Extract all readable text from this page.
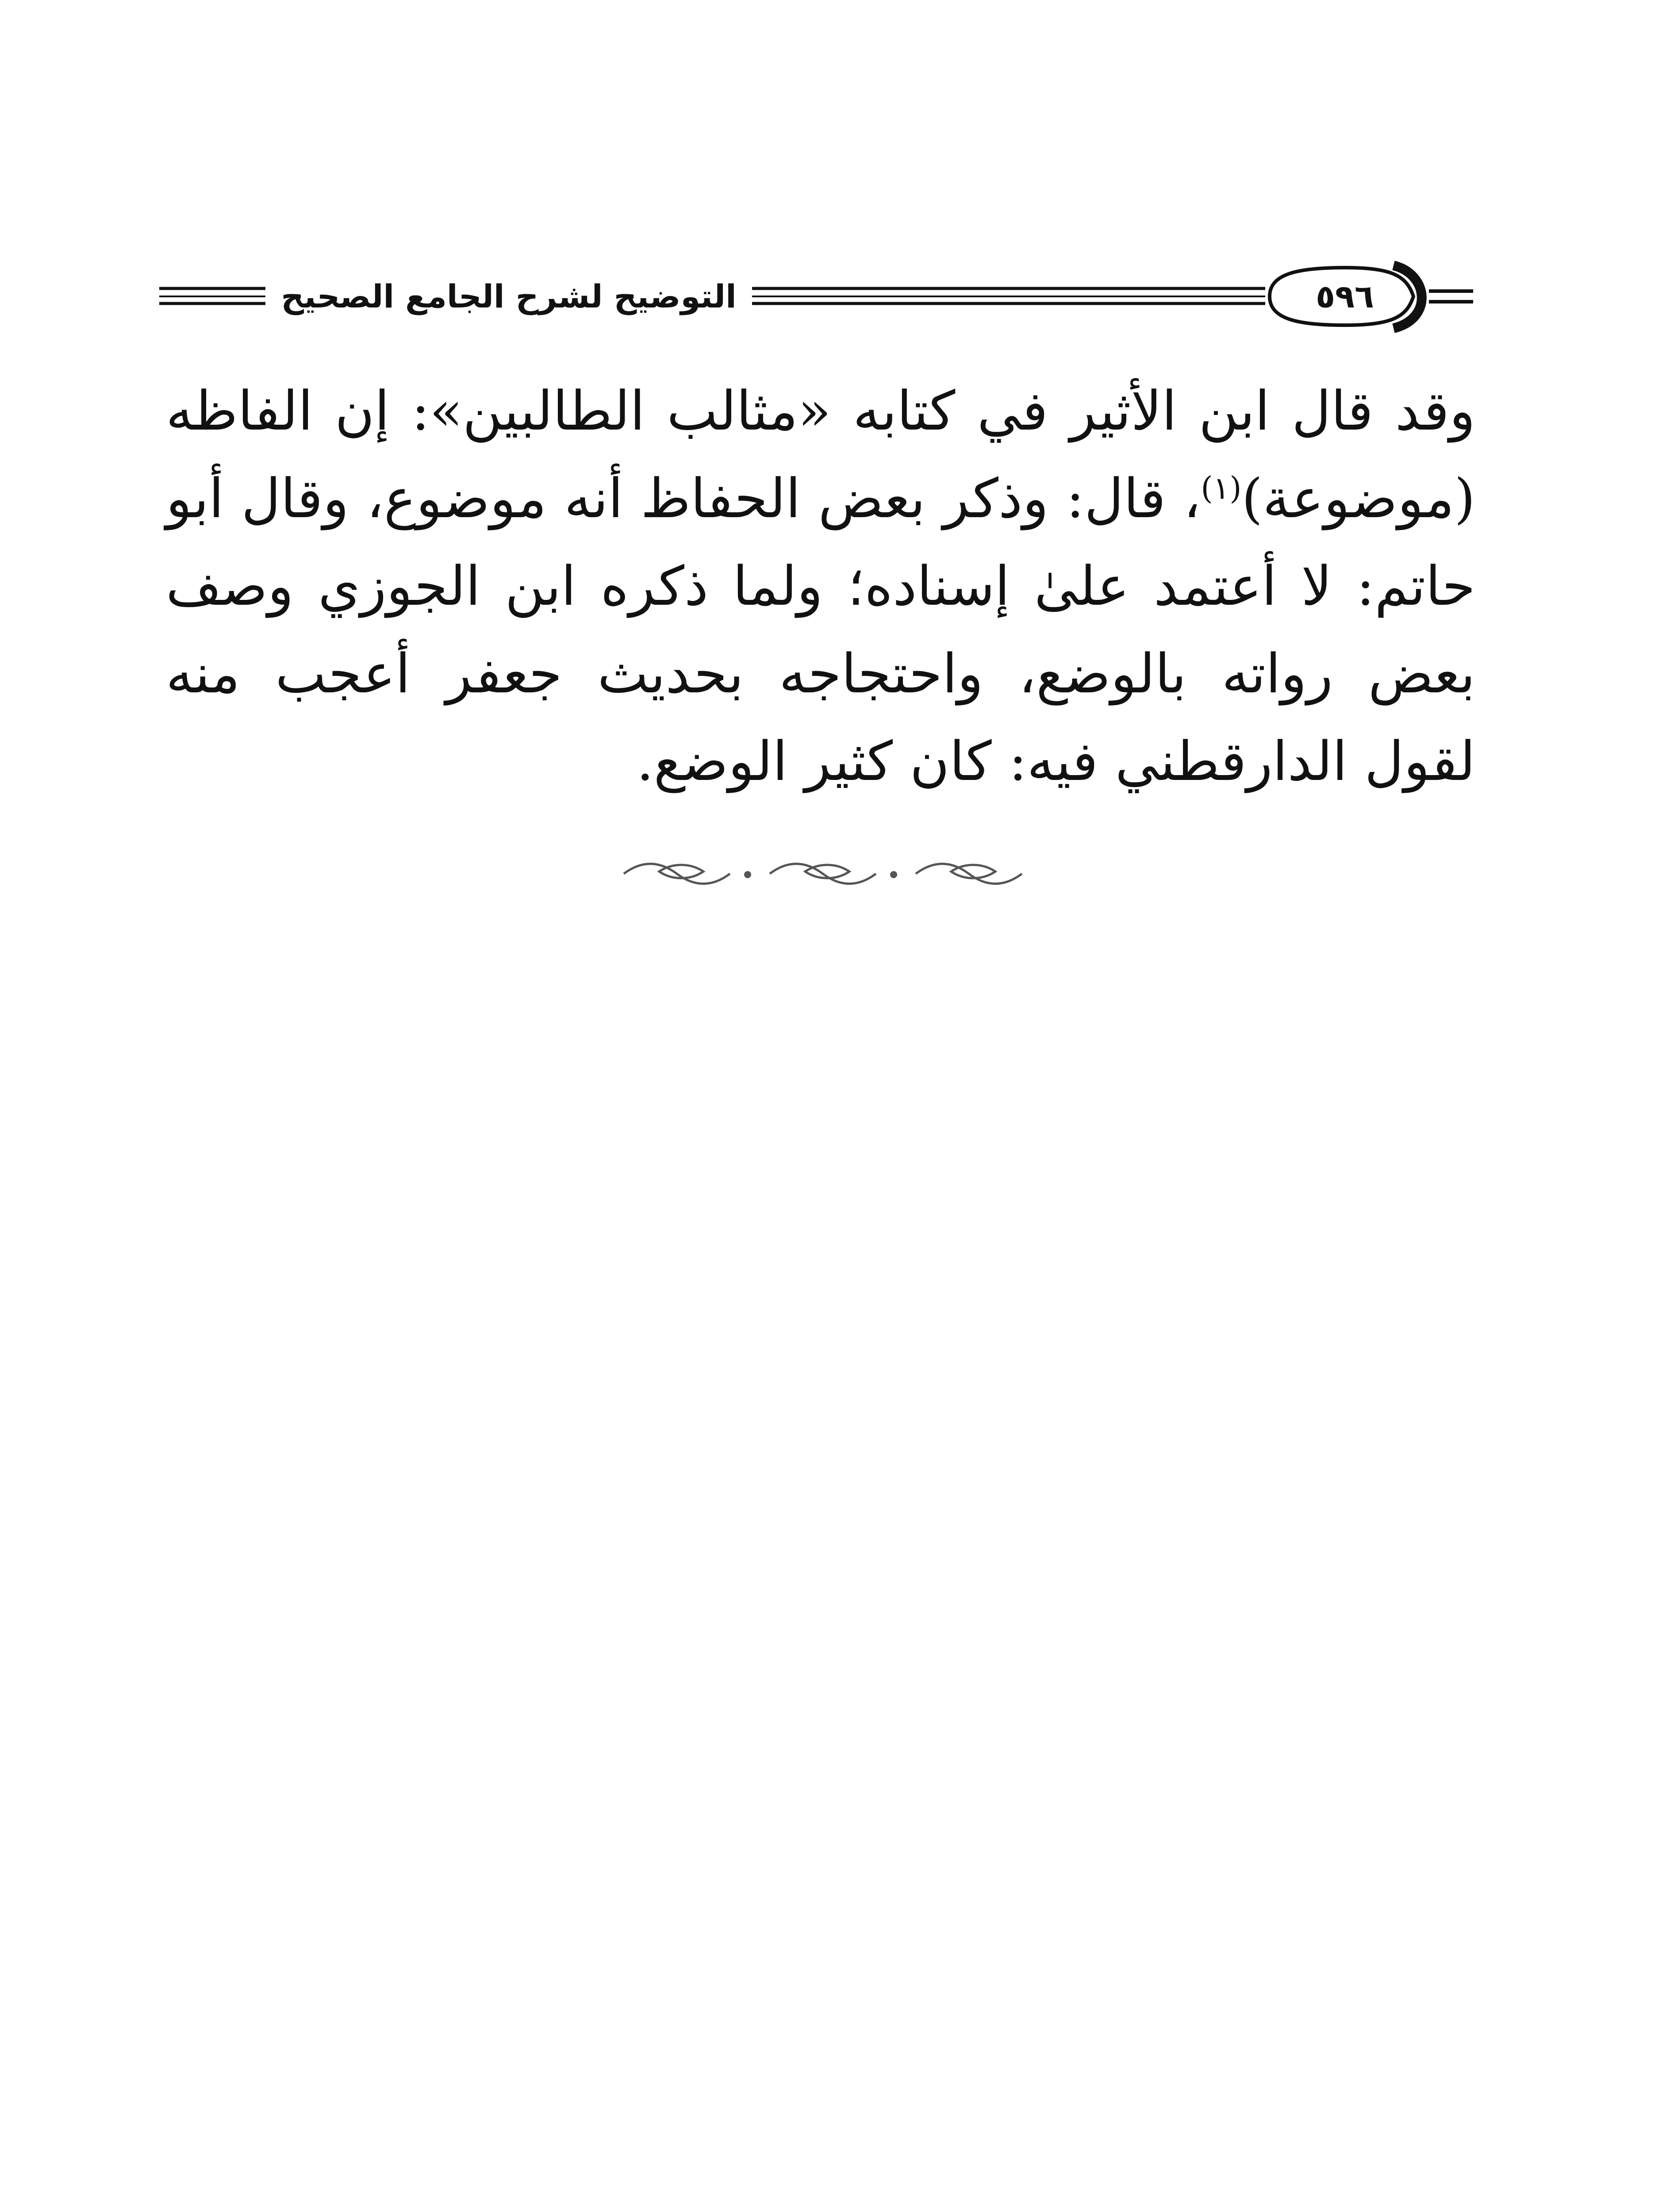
التوضيح لشرح الجامع الصحيح	٥٩٦
وقد قال ابن الأثير في كتابه «مثالب الطالبين»: إن الفاظه (موضوعة)$^{(١)}$، قال: وذكر بعض الحفاظ أنه موضوع، وقال أبو حاتم: لا أعتمد علىٰ إسناده؛ ولما ذكره ابن الجوزي وصف بعض رواته بالوضع، واحتجاجه بحديث جعفر أعجب منه لقول الدارقطني فيه: كان كثير الوضع.
